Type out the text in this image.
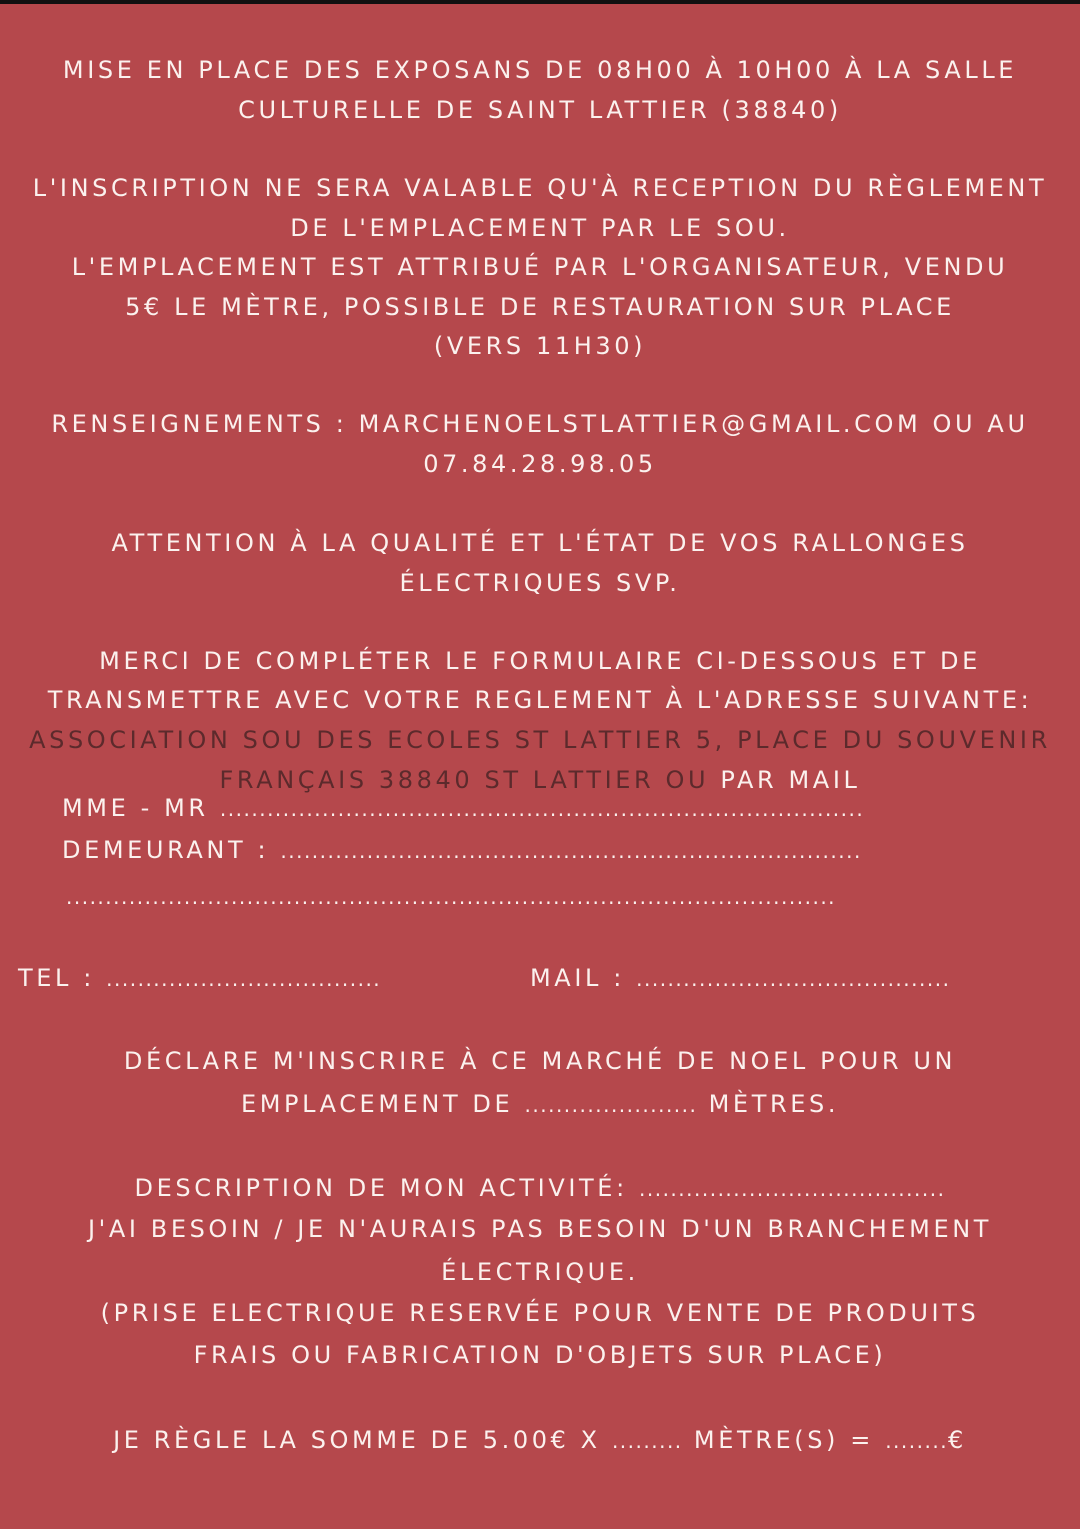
MISE EN PLACE DES EXPOSANS DE 08H00 À 10H00 À LA SALLE
CULTURELLE DE SAINT LATTIER (38840)
L'INSCRIPTION NE SERA VALABLE QU'À RECEPTION DU RÈGLEMENT
DE L'EMPLACEMENT PAR LE SOU.
L'EMPLACEMENT EST ATTRIBUÉ PAR L'ORGANISATEUR, VENDU
5€ LE MÈTRE, POSSIBLE DE RESTAURATION SUR PLACE
(VERS 11H30)
RENSEIGNEMENTS : MARCHENOELSTLATTIER@GMAIL.COM OU AU
07.84.28.98.05
ATTENTION À LA QUALITÉ ET L'ÉTAT DE VOS RALLONGES
ÉLECTRIQUES SVP.
MERCI DE COMPLÉTER LE FORMULAIRE CI-DESSOUS ET DE
TRANSMETTRE AVEC VOTRE REGLEMENT À L'ADRESSE SUIVANTE:
ASSOCIATION SOU DES ECOLES ST LATTIER 5, PLACE DU SOUVENIR
FRANÇAIS 38840 ST LATTIER OU PAR MAIL
MME - MR ..................................................................................
DEMEURANT : ..........................................................................
..................................................................................................
TEL : ...................................	MAIL : ........................................
DÉCLARE M'INSCRIRE À CE MARCHÉ DE NOEL POUR UN
EMPLACEMENT DE ...................... MÈTRES.
DESCRIPTION DE MON ACTIVITÉ: .......................................
J'AI BESOIN / JE N'AURAIS PAS BESOIN D'UN BRANCHEMENT
ÉLECTRIQUE.
(PRISE ELECTRIQUE RESERVÉE POUR VENTE DE PRODUITS
FRAIS OU FABRICATION D'OBJETS SUR PLACE)
JE RÈGLE LA SOMME DE 5.00€ X ......... MÈTRE(S) = ........€
